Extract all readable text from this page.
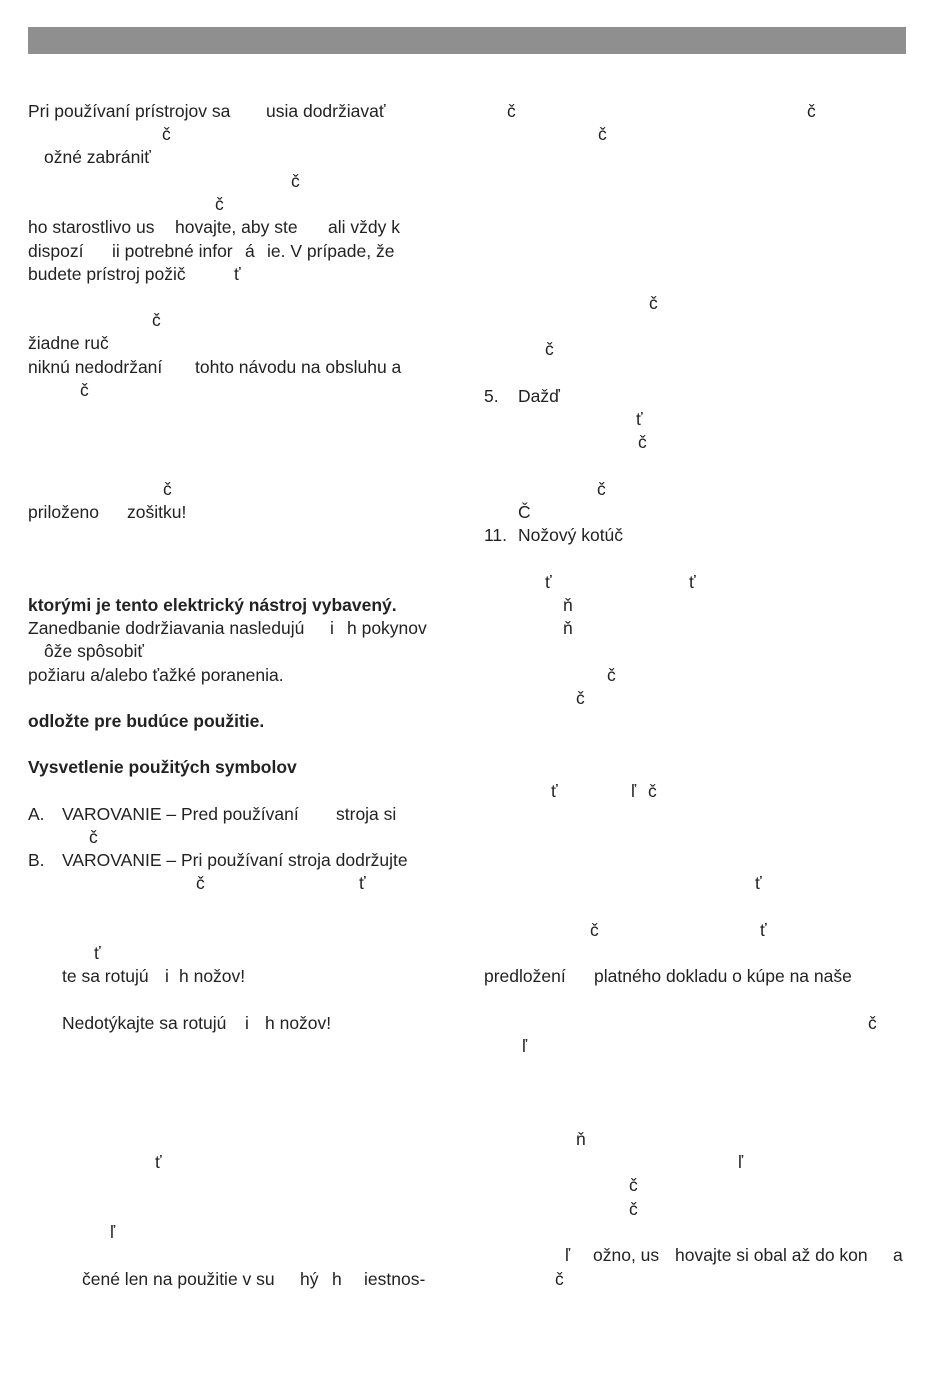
Pri používaní prístrojov sa usia dodržiavať
č
ožné zabrániť
č
č
ho starostlivo us hovajte, aby ste ali vždy k
dispozí ii potrebné infor á ie. V prípade, že
budete prístroj požič	ť
č
žiadne ruč
niknú nedodržaní tohto návodu na obsluhu a
č
č
priloženo zošitku!
ktorými je tento elektrický nástroj vybavený.
Zanedbanie dodržiavania nasledujú i h pokynov
ôže spôsobiť
požiaru a/alebo ťažké poranenia.
odložte pre budúce použitie.
Vysvetlenie použitých symbolov
A. VAROVANIE – Pred používaní stroja si
č
B. VAROVANIE – Pri používaní stroja dodržujte
č	ť
ť
te sa rotujú i h nožov!
Nedotýkajte sa rotujú i h nožov!
ť
ľ
čené len na použitie v su hý h iestnos-
č	č
č
č
č
5. Dažď
ť
č
č
Č
11. Nožový kotúč
ť	ť
ň
ň
č
č
ť	ľ č
ť
č	ť
predložení platného dokladu o kúpe na naše
č
ľ
ň
ľ
č
č
ľ ožno, us hovajte si obal až do kon a
č
